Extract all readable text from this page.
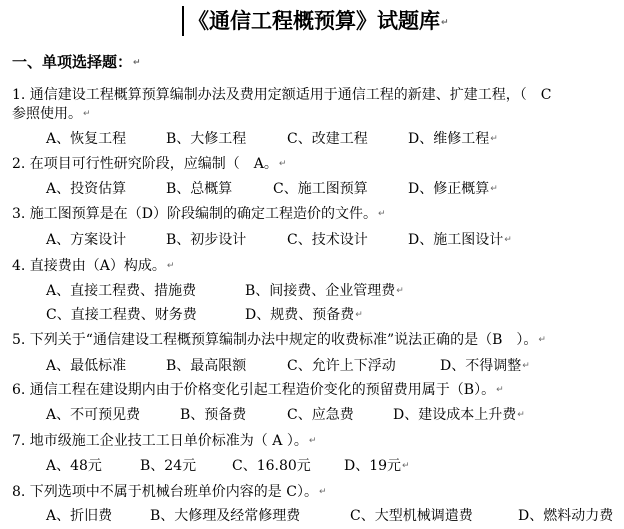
《通信工程概预算》试题库↵
一、单项选择题：↵
1. 通信建设工程概算预算编制办法及费用定额适用于通信工程的新建、扩建工程，（　C
参照使用。↵
A、恢复工程	B、大修工程	C、改建工程	D、维修工程↵
2. 在项目可行性研究阶段，应编制（　A。↵
A、投资估算	B、总概算	C、施工图预算	D、修正概算↵
3. 施工图预算是在（D）阶段编制的确定工程造价的文件。↵
A、方案设计	B、初步设计	C、技术设计	D、施工图设计↵
4. 直接费由（A）构成。↵
A、直接工程费、措施费	B、间接费、企业管理费↵
C、直接工程费、财务费	D、规费、预备费↵
5. 下列关于“通信建设工程概预算编制办法中规定的收费标准”说法正确的是（B　）。↵
A、最低标准	B、最高限额	C、允许上下浮动	D、不得调整↵
6. 通信工程在建设期内由于价格变化引起工程造价变化的预留费用属于（B）。↵
A、不可预见费	B、预备费	C、应急费	D、建设成本上升费↵
7. 地市级施工企业技工工日单价标准为（ A ）。↵
A、48元	B、24元	C、16.80元 D、19元↵
8. 下列选项中不属于机械台班单价内容的是 C）。↵
A、折旧费	B、大修理及经常修理费	C、大型机械调遣费	D、燃料动力费
